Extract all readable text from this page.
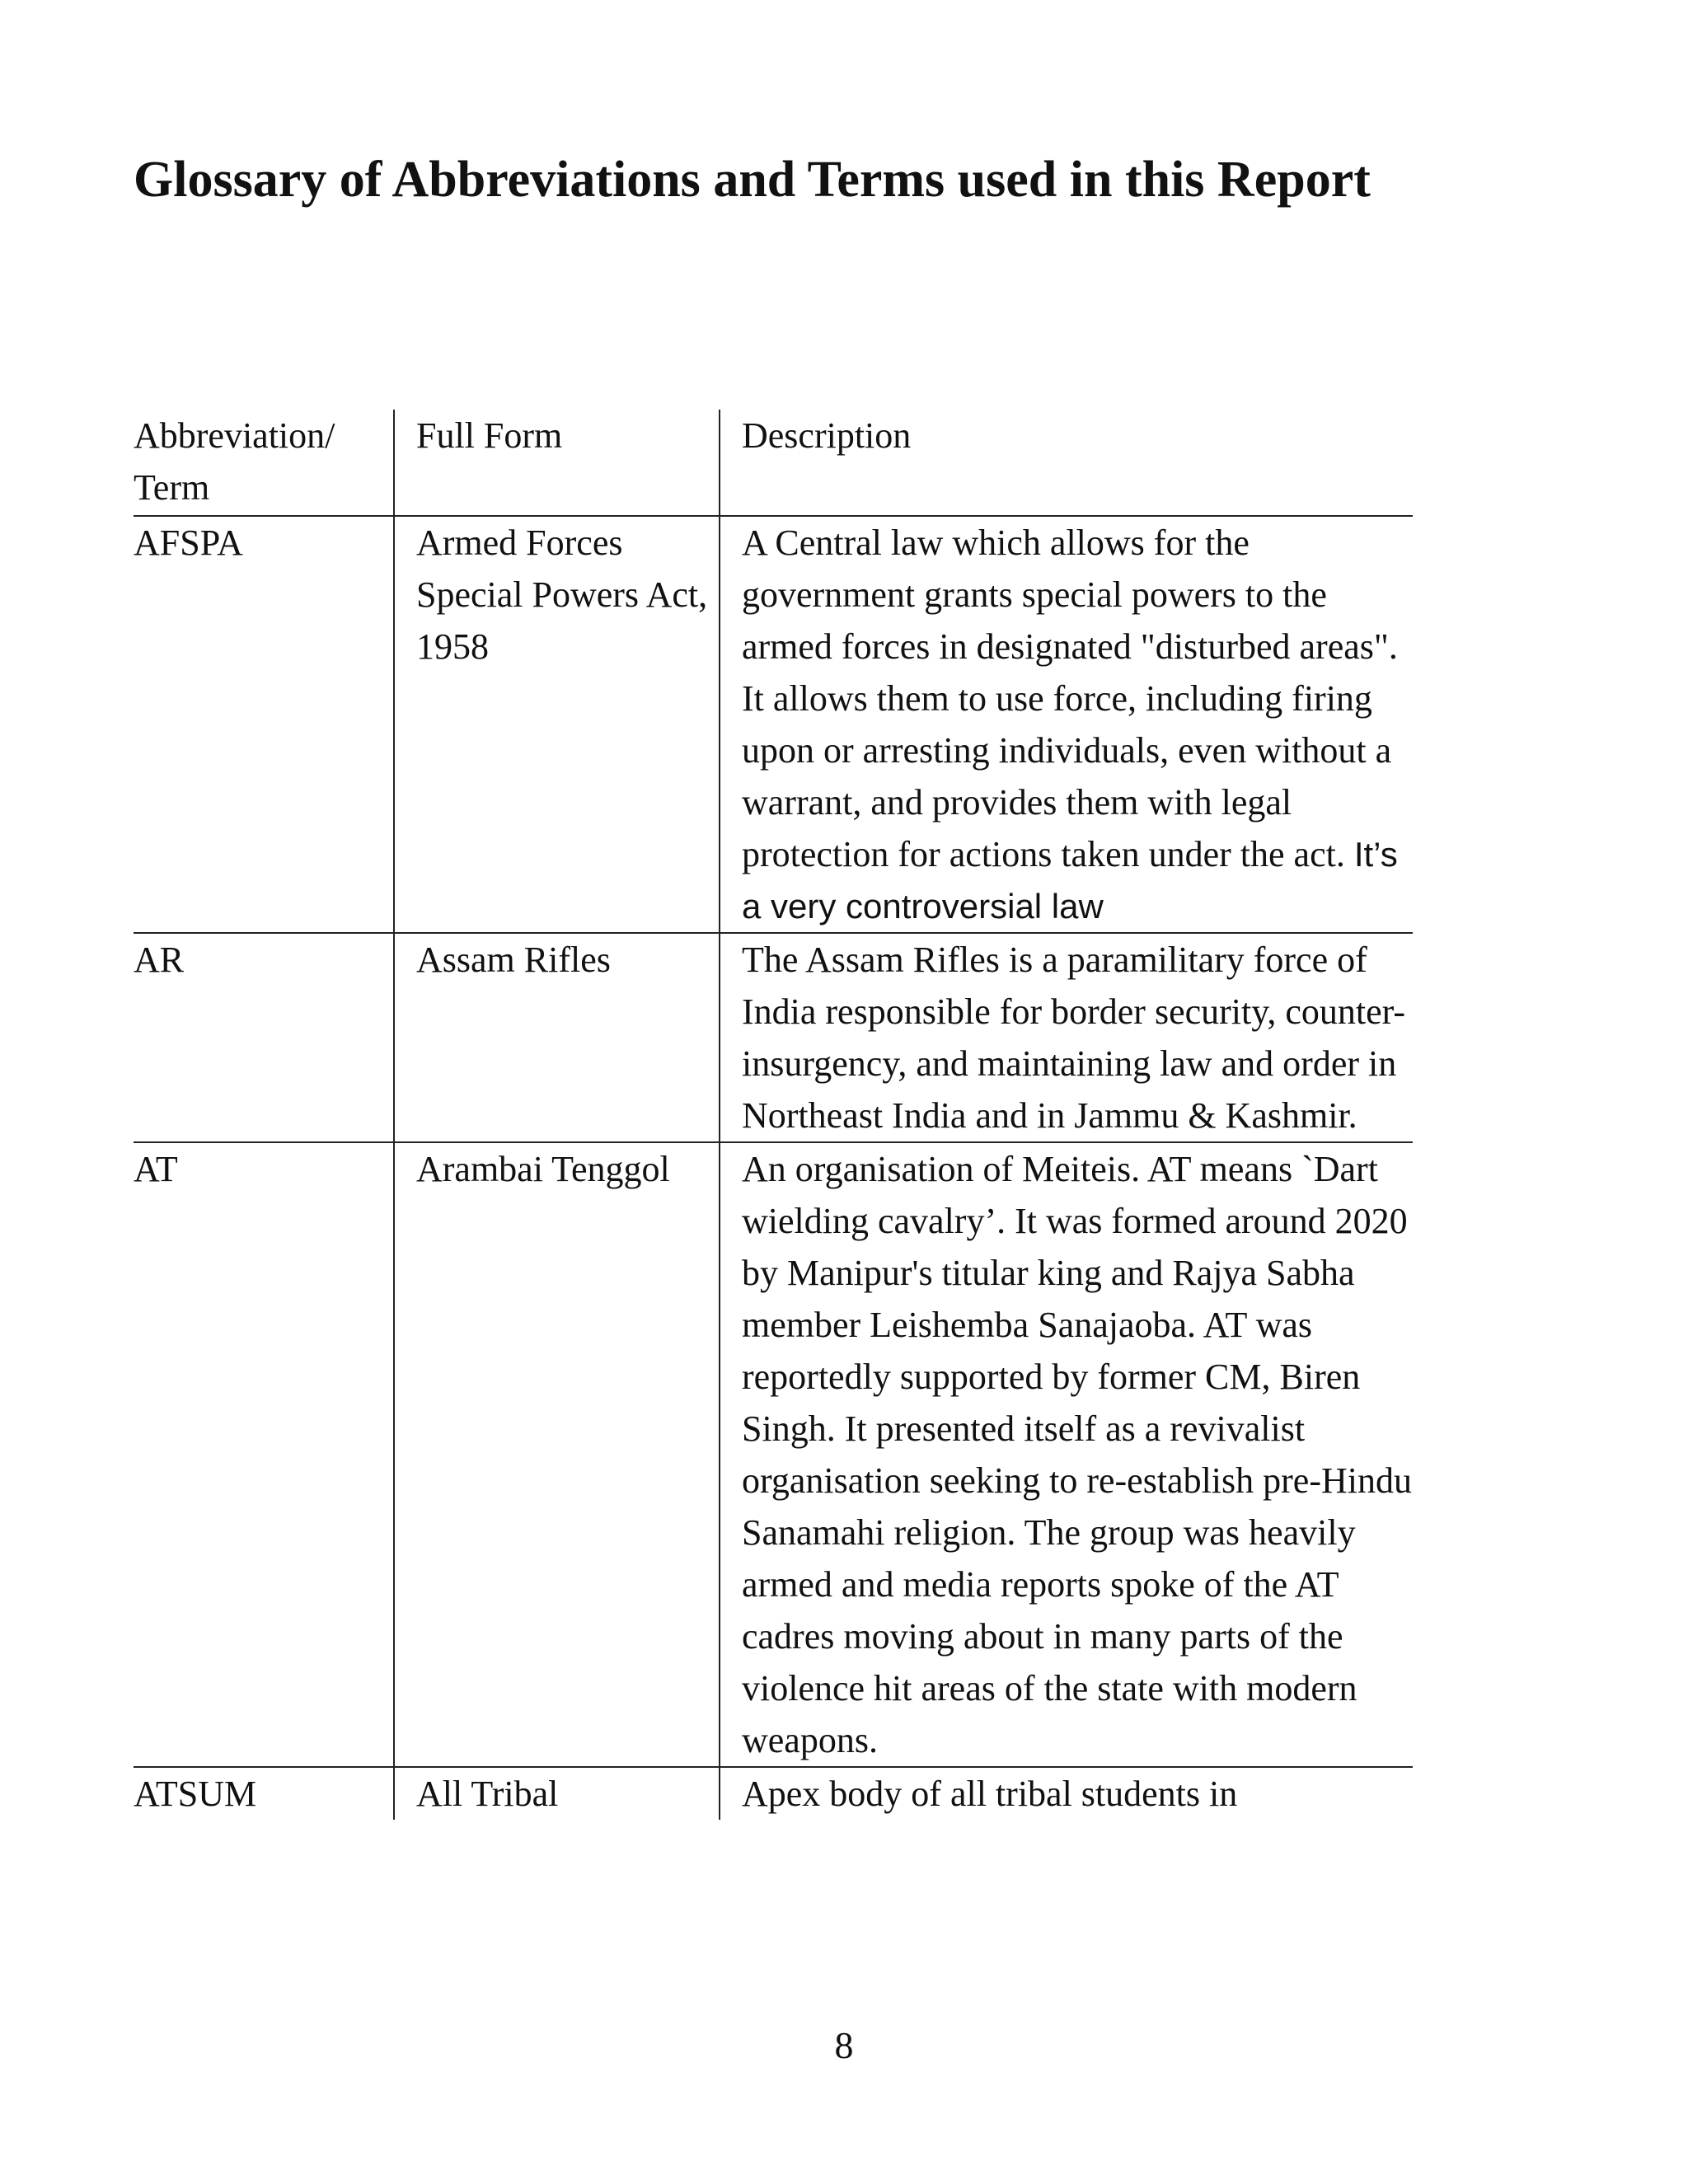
Glossary of Abbreviations and Terms used in this Report
Abbreviation/ Term	Full Form	Description
AFSPA	Armed Forces Special Powers Act, 1958	A Central law which allows for the government grants special powers to the armed forces in designated "disturbed areas". It allows them to use force, including firing upon or arresting individuals, even without a warrant, and provides them with legal protection for actions taken under the act. It’s a very controversial law
AR	Assam Rifles	The Assam Rifles is a paramilitary force of India responsible for border security, counter-insurgency, and maintaining law and order in Northeast India and in Jammu & Kashmir.
AT	Arambai Tenggol	An organisation of Meiteis. AT means `Dart wielding cavalry’. It was formed around 2020 by Manipur's titular king and Rajya Sabha member Leishemba Sanajaoba. AT was reportedly supported by former CM, Biren Singh. It presented itself as a revivalist organisation seeking to re-establish pre-Hindu Sanamahi religion. The group was heavily armed and media reports spoke of the AT cadres moving about in many parts of the violence hit areas of the state with modern weapons.
ATSUM	All Tribal	Apex body of all tribal students in
8
